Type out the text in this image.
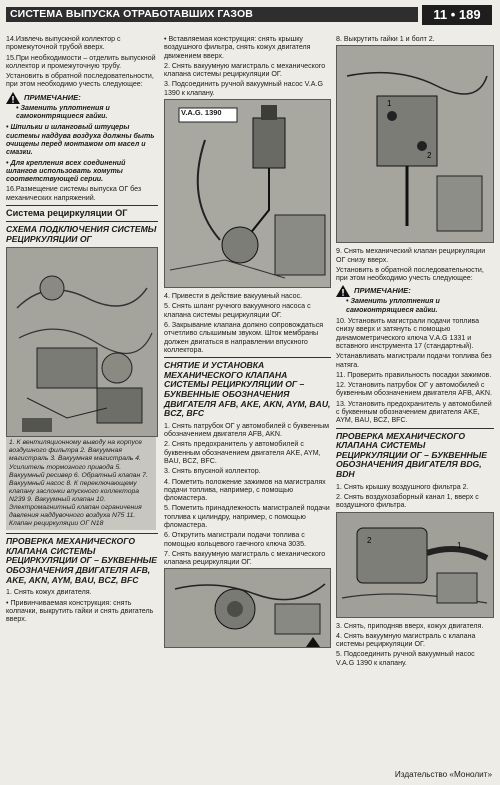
СИСТЕМА ВЫПУСКА ОТРАБОТАВШИХ ГАЗОВ	11 • 189

14.Извлечь выпускной коллектор с промежуточной трубой вверх.

15.При необходимости – отделить выпускной коллектор и промежуточную трубу.

Установить в обратной последовательности, при этом необходимо учесть следующее:

ПРИМЕЧАНИЕ:
• Заменить уплотнения и самоконтрящиеся гайки.

• Шпильки и шланговый штуцеры системы наддува воздуха должны быть очищены перед монтажом от масел и смазки.

• Для крепления всех соединений шлангов использовать хомуты соответствующей серии.

16.Размещение системы выпуска ОГ без механических напряжений.

Система рециркуляции ОГ
СХЕМА ПОДКЛЮЧЕНИЯ СИСТЕМЫ РЕЦИРКУЛЯЦИИ ОГ
1. К вентиляционному выводу на корпусе воздушного фильтра 2. Вакуумная магистраль 3. Вакуумная магистраль 4. Усилитель тормозного привода 5. Вакуумный ресивер 6. Обратный клапан 7. Вакуумный насос 8. К переключающему клапану заслонки впускного коллектора N239 9. Вакуумный клапан 10. Электромагнитный клапан ограничения давления наддувочного воздуха N75 11. Клапан рециркуляции ОГ N18
ПРОВЕРКА МЕХАНИЧЕСКОГО КЛАПАНА СИСТЕМЫ РЕЦИРКУЛЯЦИИ ОГ – БУКВЕННЫЕ ОБОЗНАЧЕНИЯ ДВИГАТЕЛЯ AFB, AKE, AKN, AYM, BAU, BCZ, BFC

1. Снять кожух двигателя.

• Привинчиваемая конструкция: снять колпачки, выкрутить гайки и снять двигатель вверх.

• Вставляемая конструкция: снять крышку воздушного фильтра, снять кожух двигателя движением вверх.

2. Снять вакуумную магистраль с механического клапана системы рециркуляции ОГ.

3. Подсоединить ручной вакуумный насос V.A.G 1390 к клапану.

V.A.G. 1390

4. Привести в действие вакуумный насос.

5. Снять шланг ручного вакуумного насоса с клапана системы рециркуляции ОГ.

6. Закрывание клапана должно сопровождаться отчетливо слышимым звуком. Шток мембраны должен двигаться в направлении впускного коллектора.

СНЯТИЕ И УСТАНОВКА МЕХАНИЧЕСКОГО КЛАПАНА СИСТЕМЫ РЕЦИРКУЛЯЦИИ ОГ – БУКВЕННЫЕ ОБОЗНАЧЕНИЯ ДВИГАТЕЛЯ AFB, AKE, AKN, AYM, BAU, BCZ, BFC

1. Снять патрубок ОГ у автомобилей с буквенным обозначением двигателя AFB, AKN.

2. Снять предохранитель у автомобилей с буквенным обозначением двигателя AKE, AYM, BAU, BCZ, BFC.

3. Снять впускной коллектор.

4. Пометить положение зажимов на магистралях подачи топлива, например, с помощью фломастера.

5. Пометить принадлежность магистралей подачи топлива к цилиндру, например, с помощью фломастера.

6. Открутить магистрали подачи топлива с помощью кольцевого гаечного ключа 3035.

7. Снять вакуумную магистраль с механического клапана рециркуляции ОГ.

8. Выкрутить гайки 1 и болт 2.

1
2

9. Снять механический клапан рециркуляции ОГ снизу вверх.

Установить в обратной последовательности, при этом необходимо учесть следующее:

ПРИМЕЧАНИЕ:
• Заменить уплотнения и самоконтрящиеся гайки.

10. Установить магистрали подачи топлива снизу вверх и затянуть с помощью динамометрического ключа V.A.G 1331 и вставного инструмента 17 (стандартный).

Устанавливать магистрали подачи топлива без натяга.

11. Проверить правильность посадки зажимов.

12. Установить патрубок ОГ у автомобилей с буквенным обозначением двигателя AFB, AKN.

13. Установить предохранитель у автомобилей с буквенным обозначением двигателя AKE, AYM, BAU, BCZ, BFC.

ПРОВЕРКА МЕХАНИЧЕСКОГО КЛАПАНА СИСТЕМЫ РЕЦИРКУЛЯЦИИ ОГ – БУКВЕННЫЕ ОБОЗНАЧЕНИЯ ДВИГАТЕЛЯ BDG, BDH

1. Снять крышку воздушного фильтра 2.

2. Снять воздухозаборный канал 1, вверх с воздушного фильтра.

2
1

3. Снять, приподняв вверх, кожух двигателя.

4. Снять вакуумную магистраль с клапана системы рециркуляции ОГ.

5. Подсоединить ручной вакуумный насос V.A.G 1390 к клапану.

Издательство «Монолит»
